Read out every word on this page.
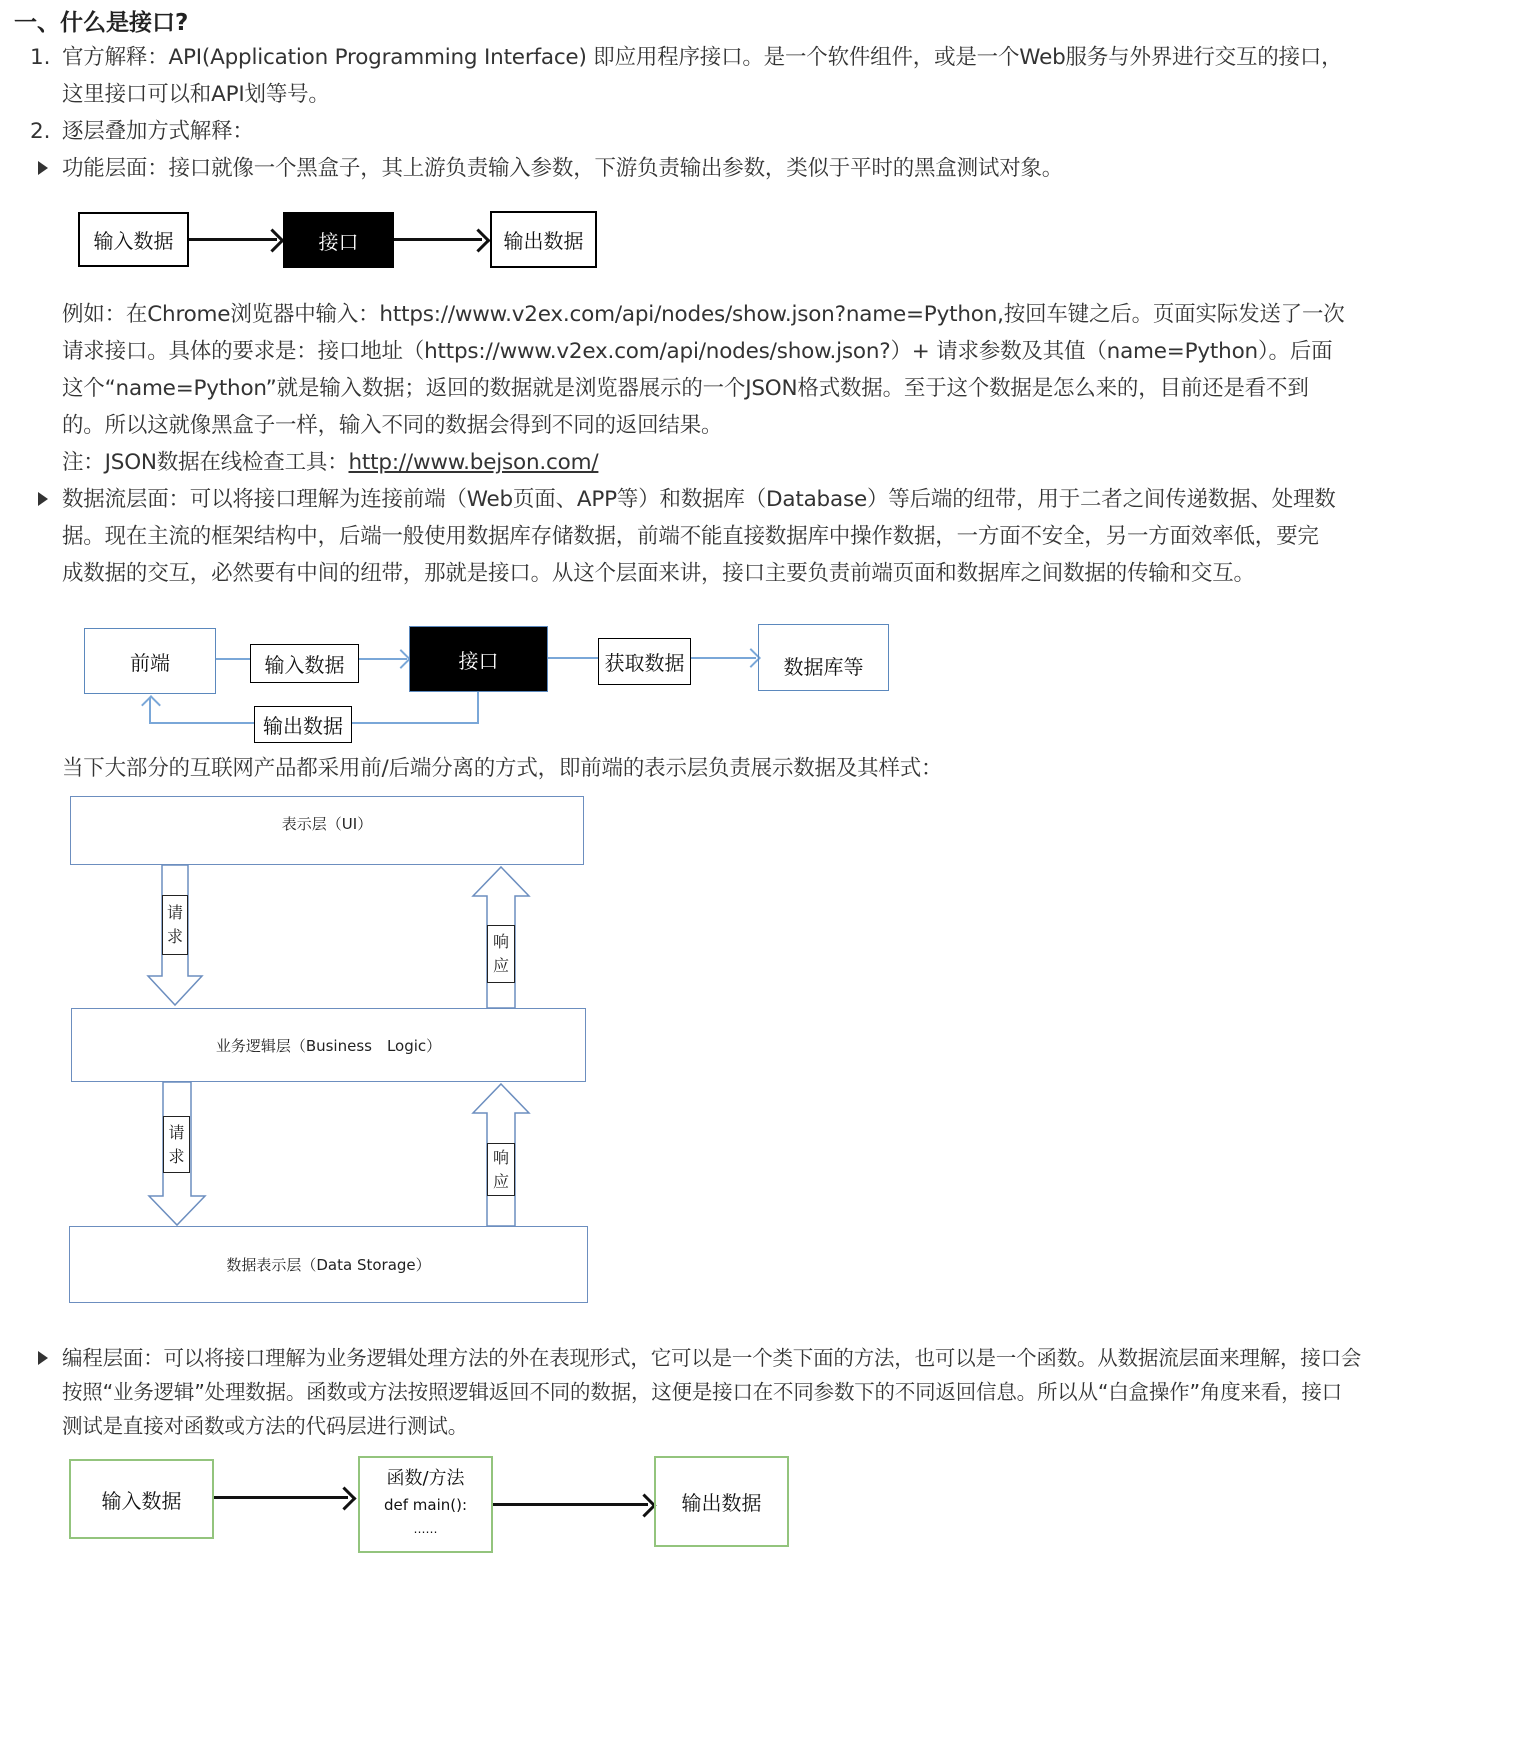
一、什么是接口?
1. 官方解释：API(Application Programming Interface) 即应用程序接口。是一个软件组件，或是一个Web服务与外界进行交互的接口，
这里接口可以和API划等号。
2. 逐层叠加方式解释：
功能层面：接口就像一个黑盒子，其上游负责输入参数，下游负责输出参数，类似于平时的黑盒测试对象。
输入数据	接口	输出数据
例如：在Chrome浏览器中输入：https://www.v2ex.com/api/nodes/show.json?name=Python,按回车键之后。页面实际发送了一次
请求接口。具体的要求是：接口地址（https://www.v2ex.com/api/nodes/show.json?）+ 请求参数及其值（name=Python）。后面
这个“name=Python”就是输入数据；返回的数据就是浏览器展示的一个JSON格式数据。至于这个数据是怎么来的，目前还是看不到
的。所以这就像黑盒子一样，输入不同的数据会得到不同的返回结果。
注：JSON数据在线检查工具：http://www.bejson.com/
数据流层面：可以将接口理解为连接前端（Web页面、APP等）和数据库（Database）等后端的纽带，用于二者之间传递数据、处理数
据。现在主流的框架结构中，后端一般使用数据库存储数据，前端不能直接数据库中操作数据，一方面不安全，另一方面效率低，要完
成数据的交互，必然要有中间的纽带，那就是接口。从这个层面来讲，接口主要负责前端页面和数据库之间数据的传输和交互。
前端	输入数据	接口	获取数据	数据库等
输出数据
当下大部分的互联网产品都采用前/后端分离的方式，即前端的表示层负责展示数据及其样式：
表示层（UI）
请
求	响
应
业务逻辑层（Business　Logic）
请
求	响
应
数据表示层（Data Storage）
编程层面：可以将接口理解为业务逻辑处理方法的外在表现形式，它可以是一个类下面的方法，也可以是一个函数。从数据流层面来理解，接口会
按照“业务逻辑”处理数据。函数或方法按照逻辑返回不同的数据，这便是接口在不同参数下的不同返回信息。所以从“白盒操作”角度来看，接口
测试是直接对函数或方法的代码层进行测试。
输入数据
函数/方法
def main():
……
输出数据
